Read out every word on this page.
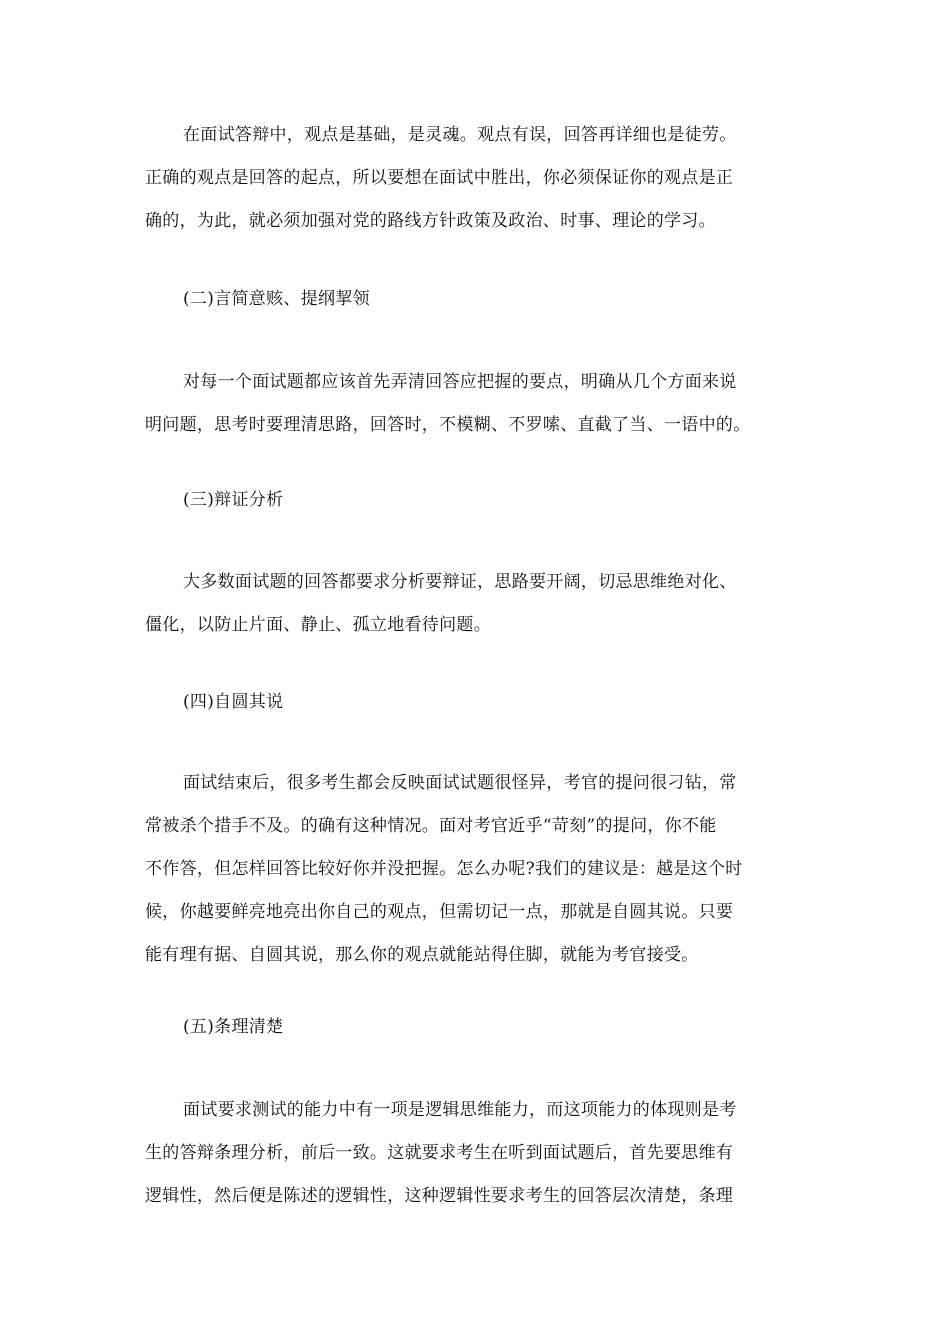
在面试答辩中，观点是基础，是灵魂。观点有误，回答再详细也是徒劳。
正确的观点是回答的起点，所以要想在面试中胜出，你必须保证你的观点是正
确的，为此，就必须加强对党的路线方针政策及政治、时事、理论的学习。
(二)言简意赅、提纲挈领
对每一个面试题都应该首先弄清回答应把握的要点，明确从几个方面来说
明问题，思考时要理清思路，回答时，不模糊、不罗嗦、直截了当、一语中的。
(三)辩证分析
大多数面试题的回答都要求分析要辩证，思路要开阔，切忌思维绝对化、
僵化，以防止片面、静止、孤立地看待问题。
(四)自圆其说
面试结束后，很多考生都会反映面试试题很怪异，考官的提问很刁钻，常
常被杀个措手不及。的确有这种情况。面对考官近乎“苛刻”的提问，你不能
不作答，但怎样回答比较好你并没把握。怎么办呢?我们的建议是：越是这个时
候，你越要鲜亮地亮出你自己的观点，但需切记一点，那就是自圆其说。只要
能有理有据、自圆其说，那么你的观点就能站得住脚，就能为考官接受。
(五)条理清楚
面试要求测试的能力中有一项是逻辑思维能力，而这项能力的体现则是考
生的答辩条理分析，前后一致。这就要求考生在听到面试题后，首先要思维有
逻辑性，然后便是陈述的逻辑性，这种逻辑性要求考生的回答层次清楚，条理
